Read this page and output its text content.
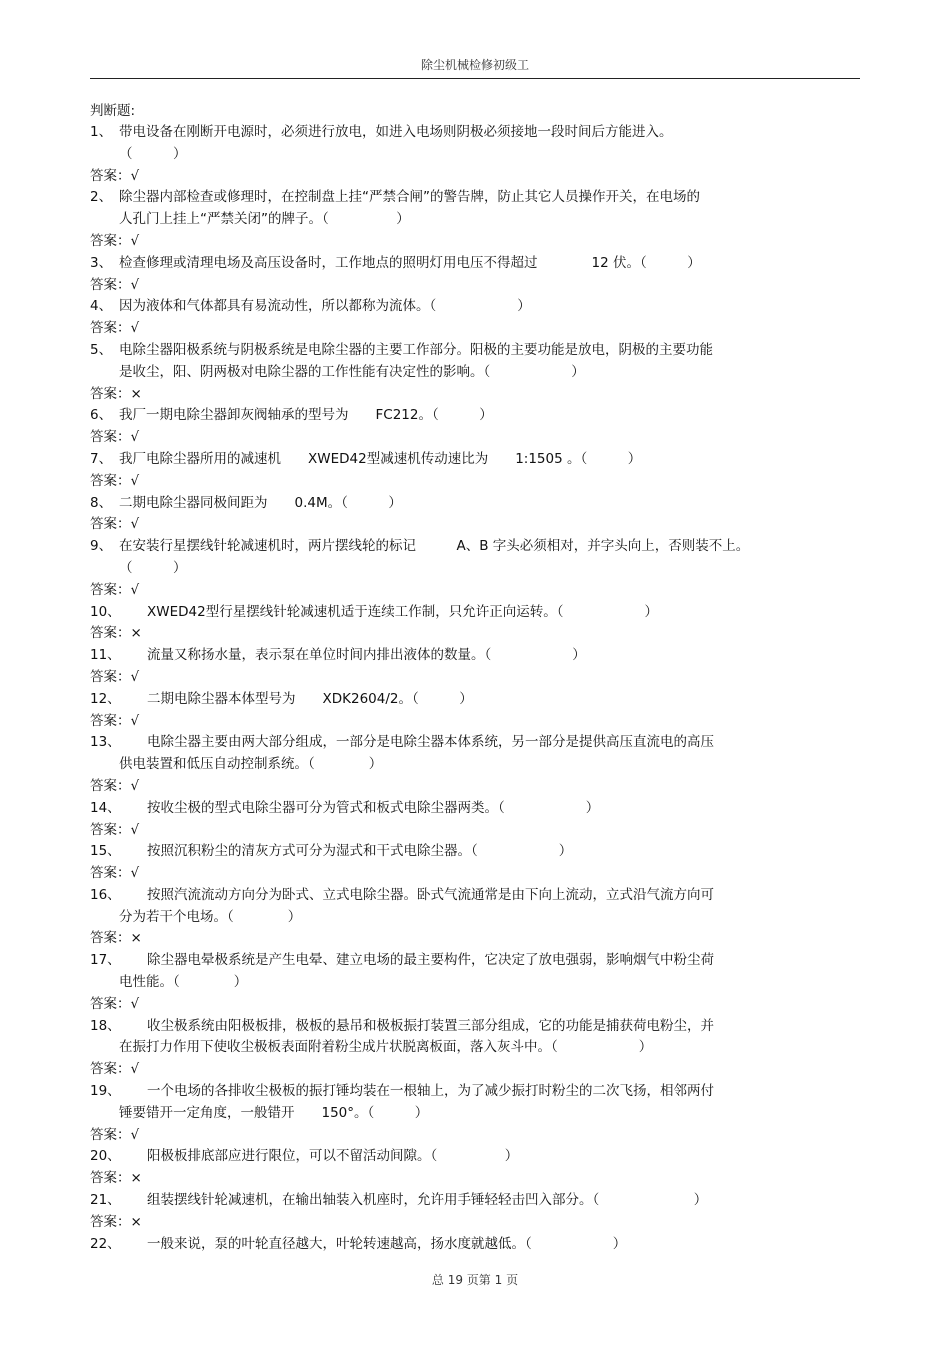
除尘机械检修初级工
判断题:
1、 带电设备在刚断开电源时，必须进行放电，如进入电场则阴极必须接地一段时间后方能进入。
（　　　）
答案：√
2、 除尘器内部检查或修理时，在控制盘上挂“严禁合闸”的警告牌，防止其它人员操作开关，在电场的
人孔门上挂上“严禁关闭”的牌子。（　　　　　）
答案：√
3、 检查修理或清理电场及高压设备时，工作地点的照明灯用电压不得超过　　　　12 伏。（　　　）
答案：√
4、 因为液体和气体都具有易流动性，所以都称为流体。（　　　　　　）
答案：√
5、 电除尘器阳极系统与阴极系统是电除尘器的主要工作部分。阳极的主要功能是放电，阴极的主要功能
是收尘，阳、阴两极对电除尘器的工作性能有决定性的影响。（　　　　　　）
答案：×
6、 我厂一期电除尘器卸灰阀轴承的型号为　　FC212。（　　　）
答案：√
7、 我厂电除尘器所用的减速机　　XWED42型减速机传动速比为　　1:1505 。（　　　）
答案：√
8、 二期电除尘器同极间距为　　0.4M。（　　　）
答案：√
9、 在安装行星摆线针轮减速机时，两片摆线轮的标记　　　A、B 字头必须相对，并字头向上，否则装不上。
（　　　）
答案：√
10、	XWED42型行星摆线针轮减速机适于连续工作制，只允许正向运转。（　　　　　　）
答案：×
11、	流量又称扬水量，表示泵在单位时间内排出液体的数量。（　　　　　　）
答案：√
12、	二期电除尘器本体型号为　　XDK2604/2。（　　　）
答案：√
13、	电除尘器主要由两大部分组成，一部分是电除尘器本体系统，另一部分是提供高压直流电的高压
供电装置和低压自动控制系统。（　　　　）
答案：√
14、	按收尘极的型式电除尘器可分为管式和板式电除尘器两类。（　　　　　　）
答案：√
15、	按照沉积粉尘的清灰方式可分为湿式和干式电除尘器。（　　　　　　）
答案：√
16、	按照汽流流动方向分为卧式、立式电除尘器。卧式气流通常是由下向上流动，立式沿气流方向可
分为若干个电场。（　　　　）
答案：×
17、	除尘器电晕极系统是产生电晕、建立电场的最主要构件，它决定了放电强弱，影响烟气中粉尘荷
电性能。（　　　　）
答案：√
18、	收尘极系统由阳极板排，极板的悬吊和极板振打装置三部分组成，它的功能是捕获荷电粉尘，并
在振打力作用下使收尘极板表面附着粉尘成片状脱离板面，落入灰斗中。（　　　　　　）
答案：√
19、	一个电场的各排收尘极板的振打锤均装在一根轴上，为了减少振打时粉尘的二次飞扬，相邻两付
锤要错开一定角度，一般错开　　150°。（　　　）
答案：√
20、	阳极板排底部应进行限位，可以不留活动间隙。（　　　　　）
答案：×
21、	组装摆线针轮减速机，在输出轴装入机座时，允许用手锤轻轻击凹入部分。（　　　　　　　）
答案：×
22、	一般来说，泵的叶轮直径越大，叶轮转速越高，扬水度就越低。（　　　　　　）
总 19 页第 1 页
